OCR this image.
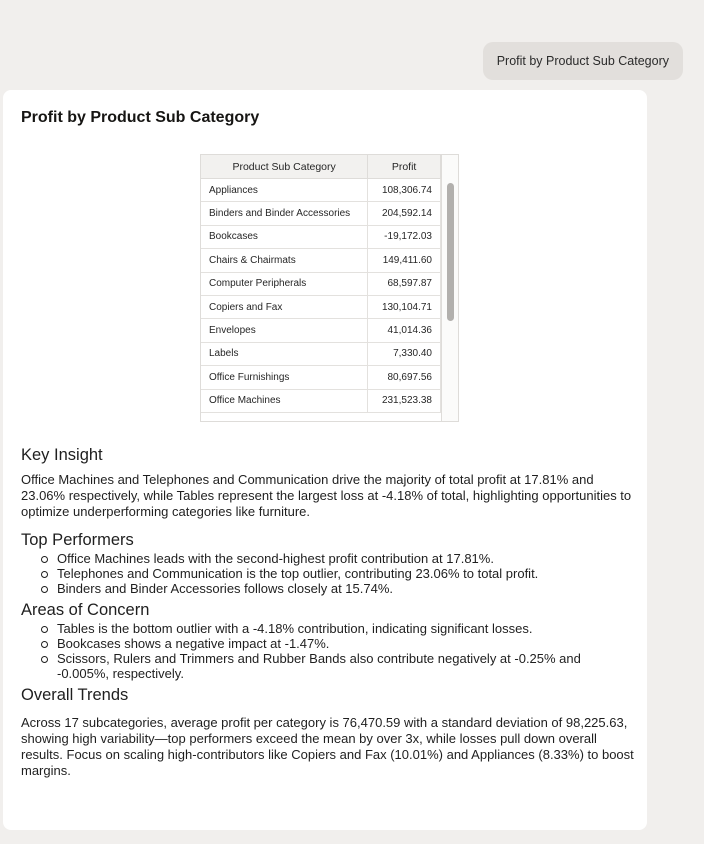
Profit by Product Sub Category
Profit by Product Sub Category
Product Sub Category	Profit
Appliances	108,306.74
Binders and Binder Accessories	204,592.14
Bookcases	-19,172.03
Chairs & Chairmats	149,411.60
Computer Peripherals	68,597.87
Copiers and Fax	130,104.71
Envelopes	41,014.36
Labels	7,330.40
Office Furnishings	80,697.56
Office Machines	231,523.38
Key Insight

Office Machines and Telephones and Communication drive the majority of total profit at 17.81% and 23.06% respectively, while Tables represent the largest loss at -4.18% of total, highlighting opportunities to optimize underperforming categories like furniture.

Top Performers
Office Machines leads with the second-highest profit contribution at 17.81%.
Telephones and Communication is the top outlier, contributing 23.06% to total profit.
Binders and Binder Accessories follows closely at 15.74%.
Areas of Concern
Tables is the bottom outlier with a -4.18% contribution, indicating significant losses.
Bookcases shows a negative impact at -1.47%.
Scissors, Rulers and Trimmers and Rubber Bands also contribute negatively at -0.25% and -0.005%, respectively.
Overall Trends

Across 17 subcategories, average profit per category is 76,470.59 with a standard deviation of 98,225.63, showing high variability—top performers exceed the mean by over 3x, while losses pull down overall results. Focus on scaling high-contributors like Copiers and Fax (10.01%) and Appliances (8.33%) to boost margins.
